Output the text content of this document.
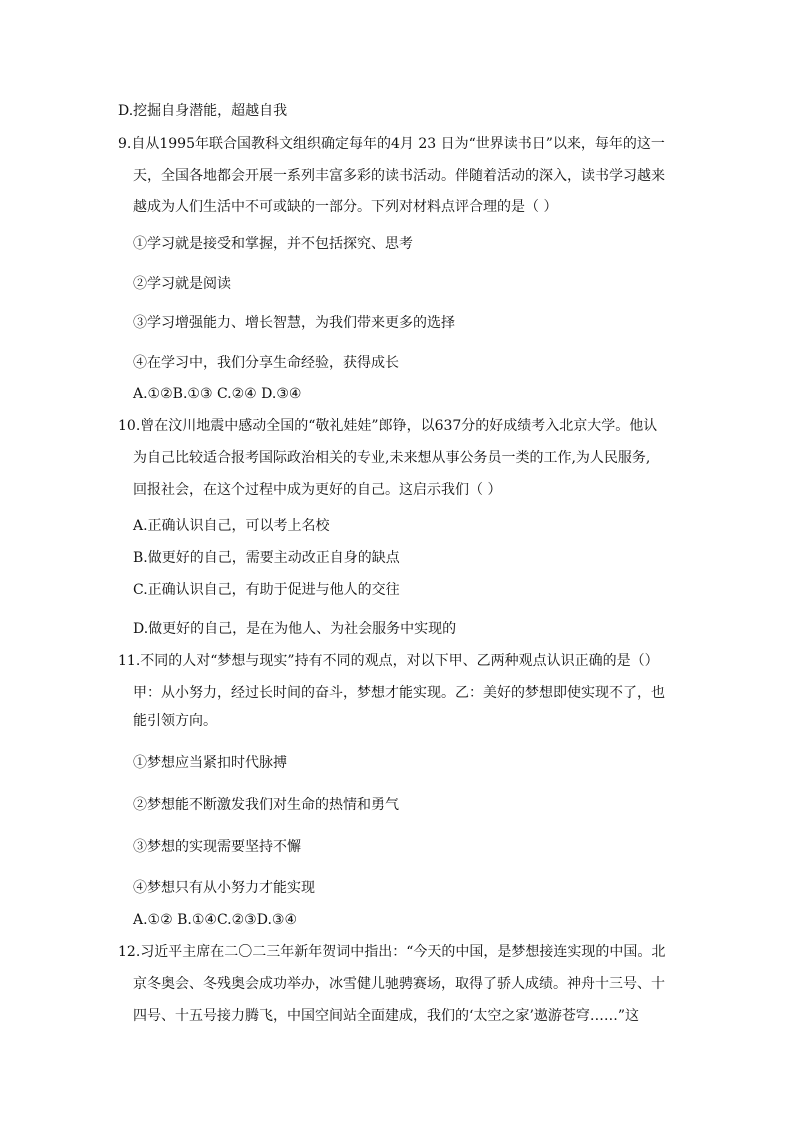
D.挖掘自身潜能，超越自我
9.自从1995年联合国教科文组织确定每年的4月 23 日为“世界读书日”以来，每年的这一
天，全国各地都会开展一系列丰富多彩的读书活动。伴随着活动的深入，读书学习越来
越成为人们生活中不可或缺的一部分。下列对材料点评合理的是（ ）
①学习就是接受和掌握，并不包括探究、思考
②学习就是阅读
③学习增强能力、增长智慧，为我们带来更多的选择
④在学习中，我们分享生命经验，获得成长
A.①②B.①③ C.②④ D.③④
10.曾在汶川地震中感动全国的“敬礼娃娃”郎铮，以637分的好成绩考入北京大学。他认
为自己比较适合报考国际政治相关的专业,未来想从事公务员一类的工作,为人民服务,
回报社会，在这个过程中成为更好的自己。这启示我们（ ）
A.正确认识自己，可以考上名校
B.做更好的自己，需要主动改正自身的缺点
C.正确认识自己，有助于促进与他人的交往
D.做更好的自己，是在为他人、为社会服务中实现的
11.不同的人对“梦想与现实”持有不同的观点，对以下甲、乙两种观点认识正确的是（）
甲：从小努力，经过长时间的奋斗，梦想才能实现。乙：美好的梦想即使实现不了，也
能引领方向。
①梦想应当紧扣时代脉搏
②梦想能不断激发我们对生命的热情和勇气
③梦想的实现需要坚持不懈
④梦想只有从小努力才能实现
A.①② B.①④C.②③D.③④
12.习近平主席在二〇二三年新年贺词中指出：“今天的中国，是梦想接连实现的中国。北
京冬奥会、冬残奥会成功举办，冰雪健儿驰骋赛场，取得了骄人成绩。神舟十三号、十
四号、十五号接力腾飞，中国空间站全面建成，我们的‘太空之家’遨游苍穹……”这
